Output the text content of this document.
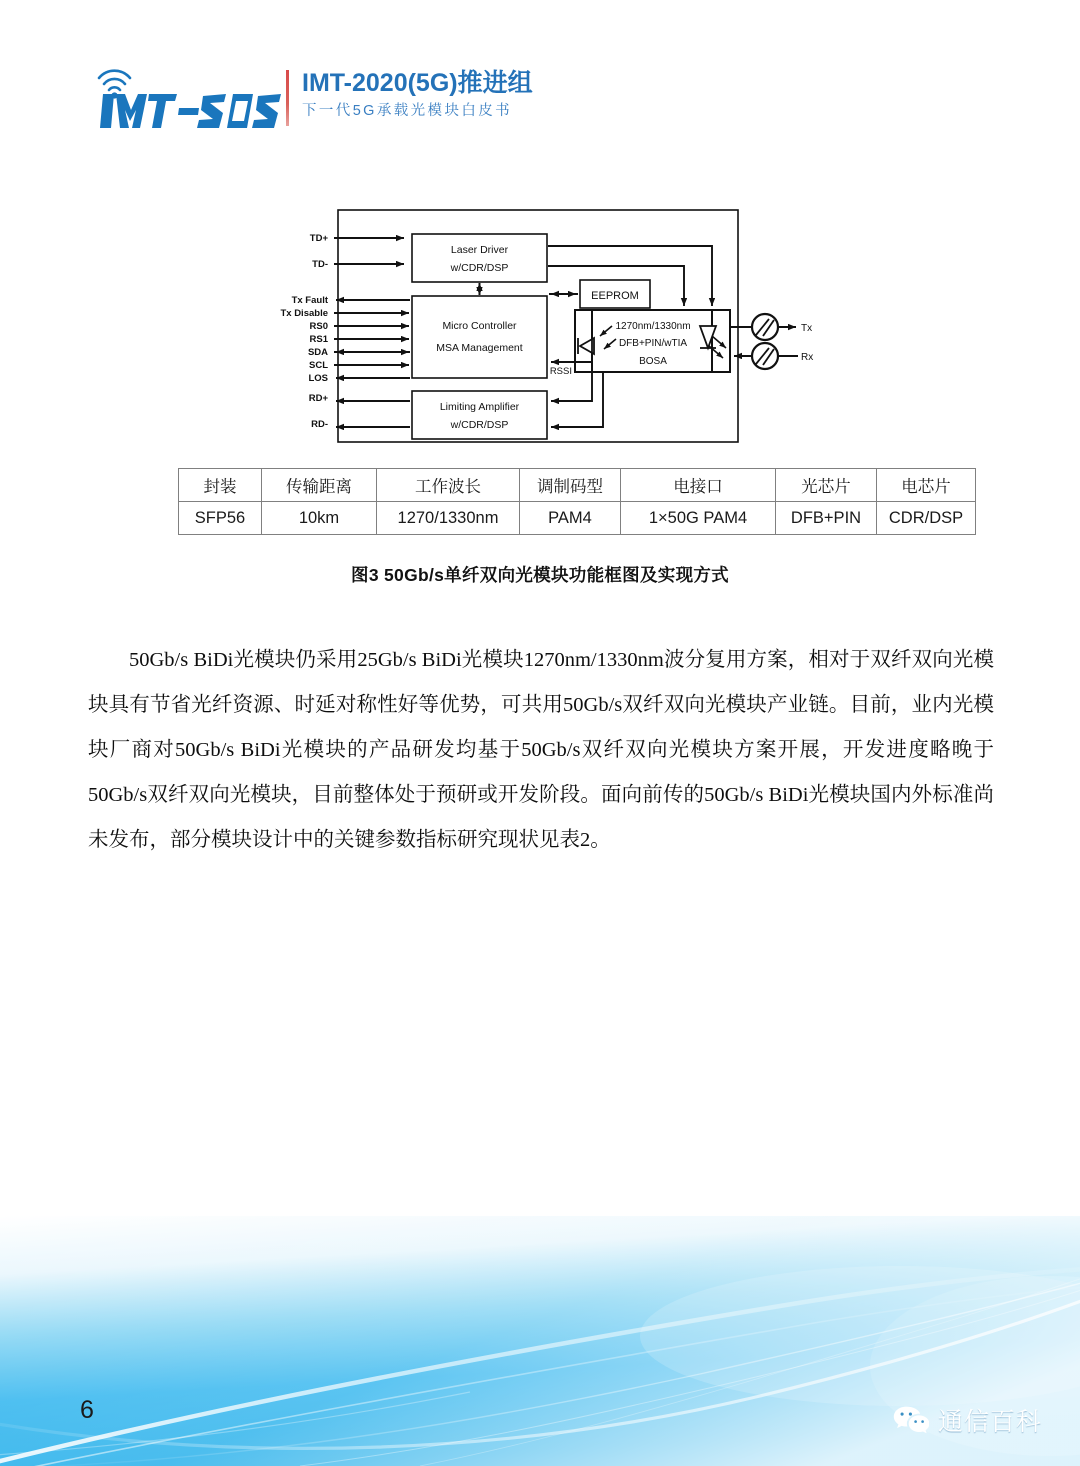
IMT-2020(5G)推进组
下一代5G承载光模块白皮书
Laser Driver
w/CDR/DSP
EEPROM
Micro Controller
MSA Management
Limiting Amplifier
w/CDR/DSP
1270nm/1330nm
DFB+PIN/wTIA
BOSA
TD+
TD-
Tx Fault
Tx Disable
RS0
RS1
SDA
SCL
LOS
RD+
RD-
RSSI
Tx
Rx
封装	传输距离	工作波长	调制码型	电接口	光芯片	电芯片
SFP56	10km	1270/1330nm	PAM4	1×50G PAM4	DFB+PIN	CDR/DSP
图3 50Gb/s单纤双向光模块功能框图及实现方式
50Gb/s BiDi光模块仍采用25Gb/s BiDi光模块1270nm/1330nm波分复用方案，相对于双纤双向光模块具有节省光纤资源、时延对称性好等优势，可共用50Gb/s双纤双向光模块产业链。目前，业内光模块厂商对50Gb/s BiDi光模块的产品研发均基于50Gb/s双纤双向光模块方案开展，开发进度略晚于50Gb/s双纤双向光模块，目前整体处于预研或开发阶段。面向前传的50Gb/s BiDi光模块国内外标准尚未发布，部分模块设计中的关键参数指标研究现状见表2。
6	通信百科
